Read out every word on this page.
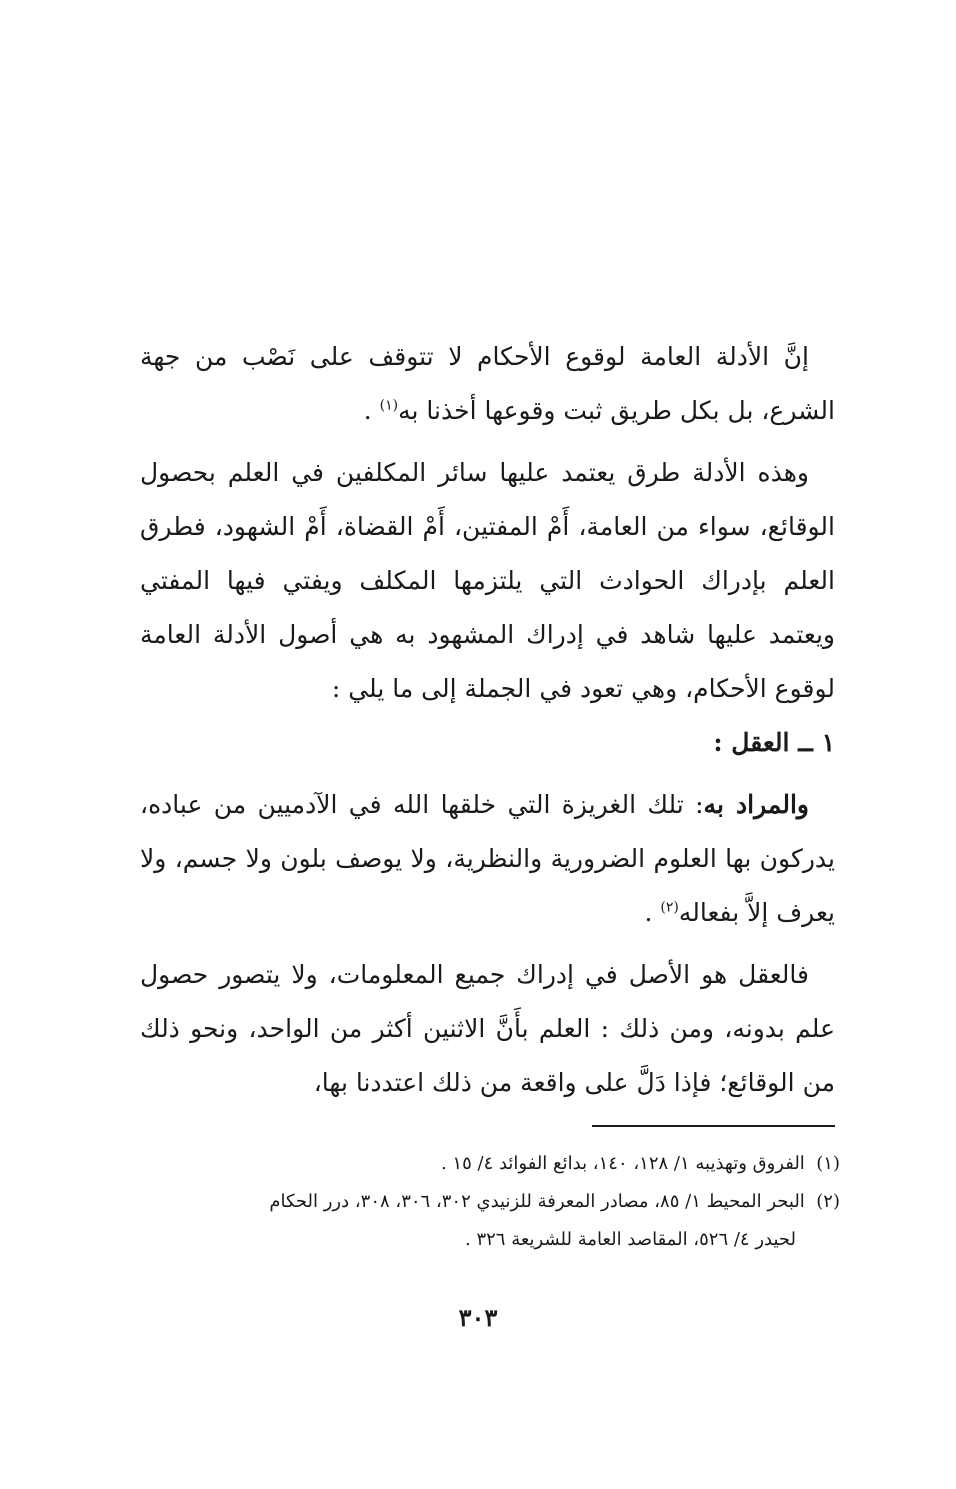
إنَّ الأدلة العامة لوقوع الأحكام لا تتوقف على نَصْب من جهة الشرع، بل بكل طريق ثبت وقوعها أخذنا به$^{(١)}$ .

وهذه الأدلة طرق يعتمد عليها سائر المكلفين في العلم بحصول الوقائع، سواء من العامة، أَمْ المفتين، أَمْ القضاة، أَمْ الشهود، فطرق العلم بإدراك الحوادث التي يلتزمها المكلف ويفتي فيها المفتي ويعتمد عليها شاهد في إدراك المشهود به هي أصول الأدلة العامة لوقوع الأحكام، وهي تعود في الجملة إلى ما يلي :

١ ــ العقل :

والمراد به: تلك الغريزة التي خلقها الله في الآدميين من عباده، يدركون بها العلوم الضرورية والنظرية، ولا يوصف بلون ولا جسم، ولا يعرف إلاَّ بفعاله$^{(٢)}$ .

فالعقل هو الأصل في إدراك جميع المعلومات، ولا يتصور حصول علم بدونه، ومن ذلك : العلم بأَنَّ الاثنين أكثر من الواحد، ونحو ذلك من الوقائع؛ فإذا دَلَّ على واقعة من ذلك اعتددنا بها،

(١)  الفروق وتهذيبه ١/ ١٢٨، ١٤٠، بدائع الفوائد ٤/ ١٥ .

(٢)  البحر المحيط ١/ ٨٥، مصادر المعرفة للزنيدي ٣٠٢، ٣٠٦، ٣٠٨، درر الحكام

لحيدر ٤/ ٥٢٦، المقاصد العامة للشريعة ٣٢٦ .

٣٠٣
